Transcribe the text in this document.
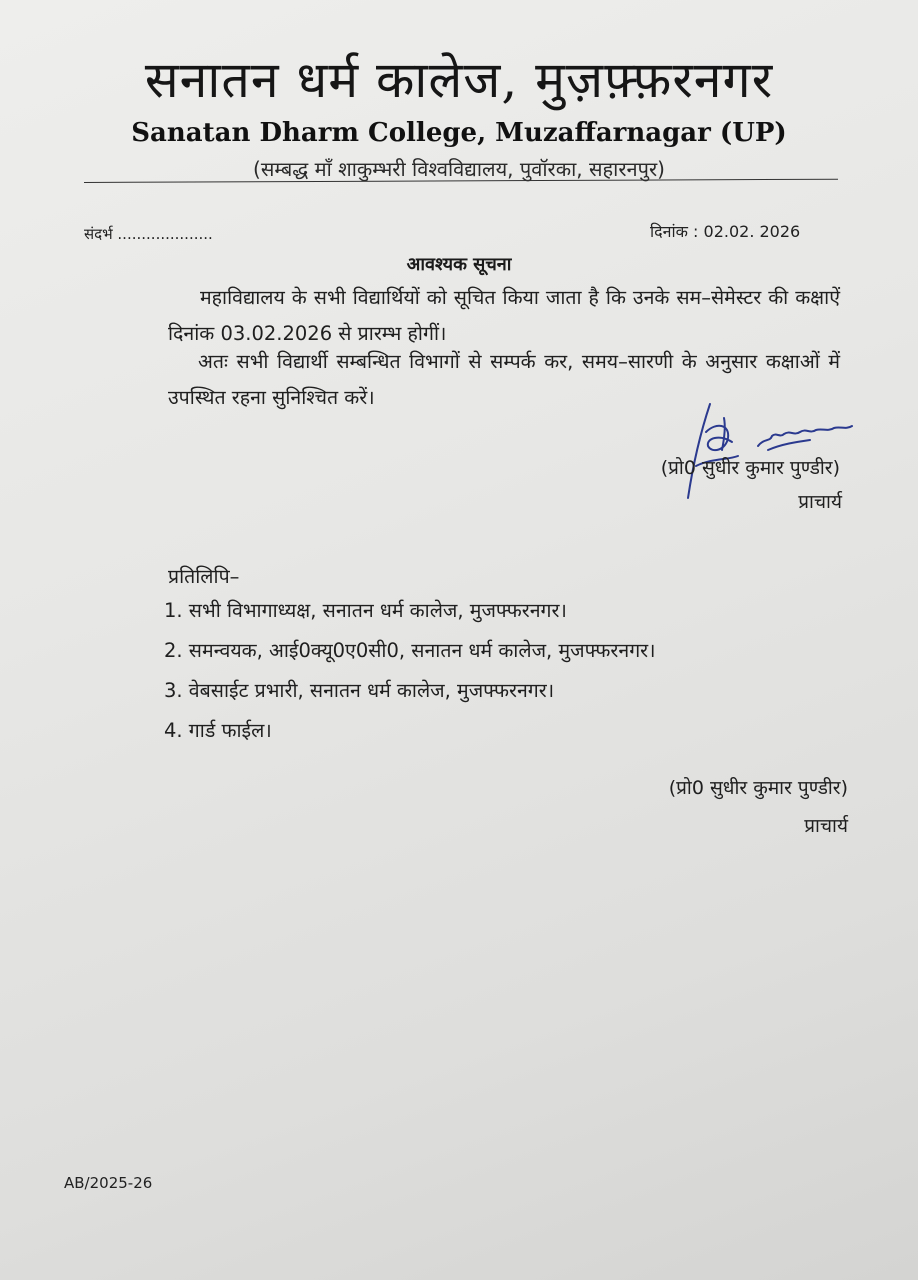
सनातन धर्म कालेज, मुज़फ़्फ़रनगर
Sanatan Dharm College, Muzaffarnagar (UP)
(सम्बद्ध माँ शाकुम्भरी विश्वविद्यालय, पुवॉरका, सहारनपुर)
संदर्भ ....................	दिनांक : 02.02. 2026
आवश्यक सूचना
महाविद्यालय के सभी विद्यार्थियों को सूचित किया जाता है कि उनके सम–सेमेस्टर की कक्षाऐं दिनांक 03.02.2026 से प्रारम्भ होगीं।
अतः सभी विद्यार्थी सम्बन्धित विभागों से सम्पर्क कर, समय–सारणी के अनुसार कक्षाओं में उपस्थित रहना सुनिश्चित करें।
(प्रो0 सुधीर कुमार पुण्डीर)
प्राचार्य
प्रतिलिपि–
1. सभी विभागाध्यक्ष, सनातन धर्म कालेज, मुजफ्फरनगर।
2. समन्वयक, आई0क्यू0ए0सी0, सनातन धर्म कालेज, मुजफ्फरनगर।
3. वेबसाईट प्रभारी, सनातन धर्म कालेज, मुजफ्फरनगर।
4. गार्ड फाईल।
(प्रो0 सुधीर कुमार पुण्डीर)
प्राचार्य
AB/2025-26
